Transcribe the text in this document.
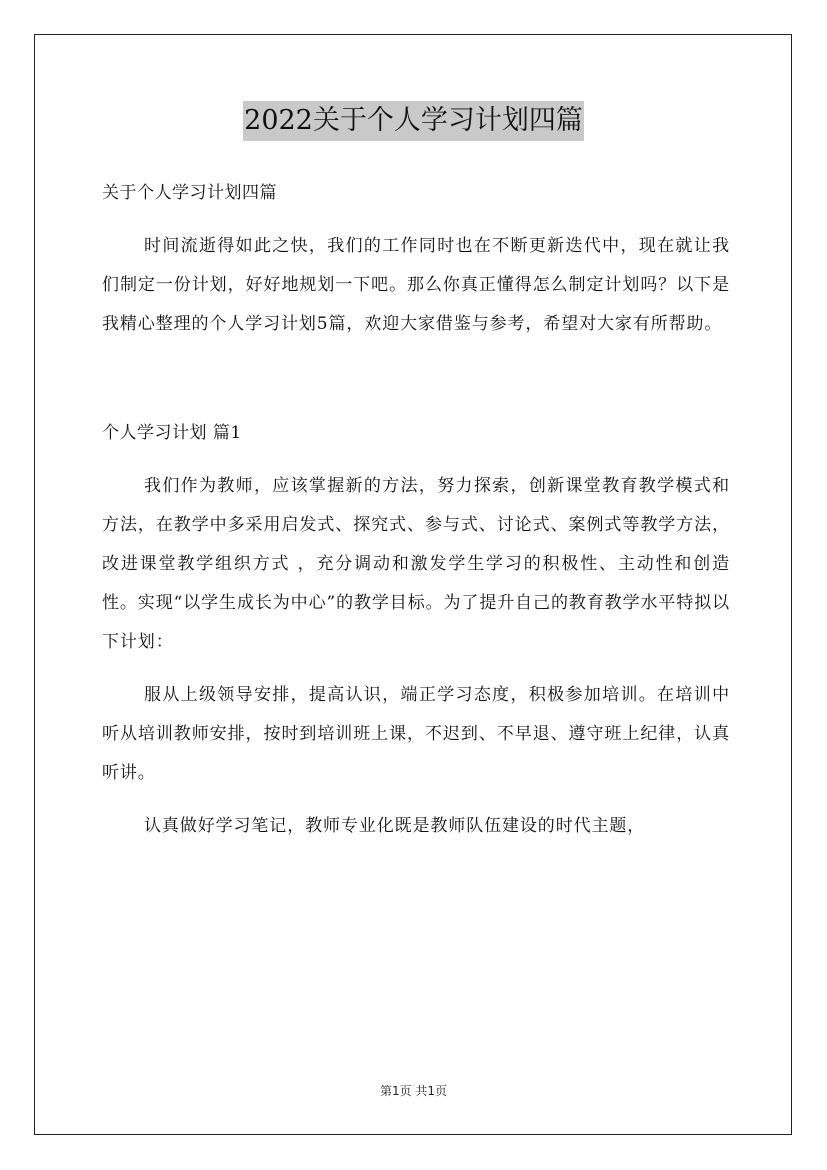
2022关于个人学习计划四篇

关于个人学习计划四篇

时间流逝得如此之快，我们的工作同时也在不断更新迭代中，现在就让我们制定一份计划，好好地规划一下吧。那么你真正懂得怎么制定计划吗？以下是我精心整理的个人学习计划5篇，欢迎大家借鉴与参考，希望对大家有所帮助。

个人学习计划 篇1

我们作为教师，应该掌握新的方法，努力探索，创新课堂教育教学模式和方法，在教学中多采用启发式、探究式、参与式、讨论式、案例式等教学方法，改进课堂教学组织方式 ，充分调动和激发学生学习的积极性、主动性和创造性。实现“以学生成长为中心”的教学目标。为了提升自己的教育教学水平特拟以下计划：

服从上级领导安排，提高认识，端正学习态度，积极参加培训。在培训中听从培训教师安排，按时到培训班上课，不迟到、不早退、遵守班上纪律，认真听讲。

认真做好学习笔记，教师专业化既是教师队伍建设的时代主题，

第1页 共1页
